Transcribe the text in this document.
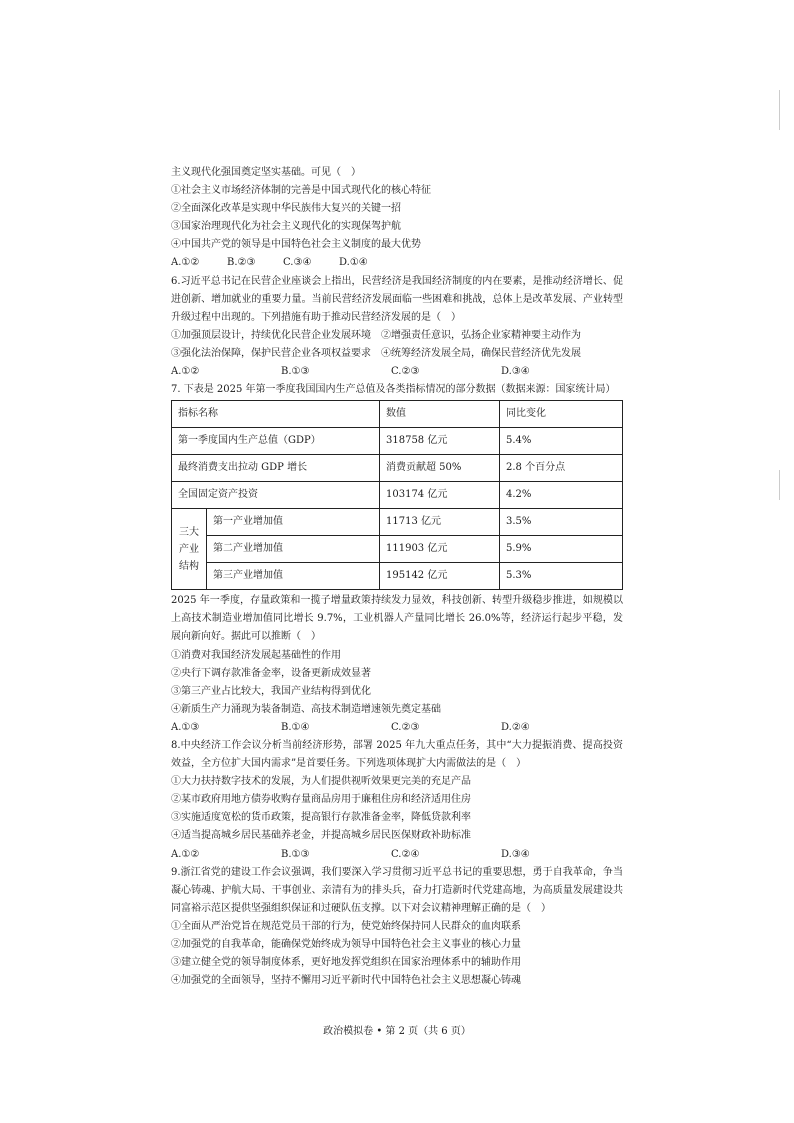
主义现代化强国奠定坚实基础。可见（　）
①社会主义市场经济体制的完善是中国式现代化的核心特征
②全面深化改革是实现中华民族伟大复兴的关键一招
③国家治理现代化为社会主义现代化的实现保驾护航
④中国共产党的领导是中国特色社会主义制度的最大优势
A.①②	B.②③	C.③④	D.①④
6.习近平总书记在民营企业座谈会上指出，民营经济是我国经济制度的内在要素，是推动经济增长、促进创新、增加就业的重要力量。当前民营经济发展面临一些困难和挑战，总体上是改革发展、产业转型升级过程中出现的。下列措施有助于推动民营经济发展的是（　）
①加强顶层设计，持续优化民营企业发展环境　②增强责任意识，弘扬企业家精神要主动作为
③强化法治保障，保护民营企业各项权益要求　④统筹经济发展全局，确保民营经济优先发展
A.①②	B.①③	C.②③	D.③④
7. 下表是 2025 年第一季度我国国内生产总值及各类指标情况的部分数据（数据来源：国家统计局）
指标名称		数值	同比变化
第一季度国内生产总值（GDP）		318758 亿元	5.4%
最终消费支出拉动 GDP 增长		消费贡献超 50%	2.8 个百分点
全国固定资产投资		103174 亿元	4.2%
三大
产业
结构	第一产业增加值	11713 亿元	3.5%
	第二产业增加值	111903 亿元	5.9%
	第三产业增加值	195142 亿元	5.3%
2025 年一季度，存量政策和一揽子增量政策持续发力显效，科技创新、转型升级稳步推进，如规模以上高技术制造业增加值同比增长 9.7%，工业机器人产量同比增长 26.0%等，经济运行起步平稳，发展向新向好。据此可以推断（　）
①消费对我国经济发展起基础性的作用
②央行下调存款准备金率，设备更新成效显著
③第三产业占比较大，我国产业结构得到优化
④新质生产力涌现为装备制造、高技术制造增速领先奠定基础
A.①③	B.①④	C.②③	D.②④
8.中央经济工作会议分析当前经济形势，部署 2025 年九大重点任务，其中“大力提振消费、提高投资效益，全方位扩大国内需求”是首要任务。下列选项体现扩大内需做法的是（　）
①大力扶持数字技术的发展，为人们提供视听效果更完美的充足产品
②某市政府用地方债券收购存量商品房用于廉租住房和经济适用住房
③实施适度宽松的货币政策，提高银行存款准备金率，降低贷款利率
④适当提高城乡居民基础养老金，并提高城乡居民医保财政补助标准
A.①②	B.①③	C.②④	D.③④
9.浙江省党的建设工作会议强调，我们要深入学习贯彻习近平总书记的重要思想，勇于自我革命，争当凝心铸魂、护航大局、干事创业、亲清有为的排头兵，奋力打造新时代党建高地，为高质量发展建设共同富裕示范区提供坚强组织保证和过硬队伍支撑。以下对会议精神理解正确的是（　）
①全面从严治党旨在规范党员干部的行为，使党始终保持同人民群众的血肉联系
②加强党的自我革命，能确保党始终成为领导中国特色社会主义事业的核心力量
③建立健全党的领导制度体系，更好地发挥党组织在国家治理体系中的辅助作用
④加强党的全面领导，坚持不懈用习近平新时代中国特色社会主义思想凝心铸魂
政治模拟卷 • 第 2 页（共 6 页）
